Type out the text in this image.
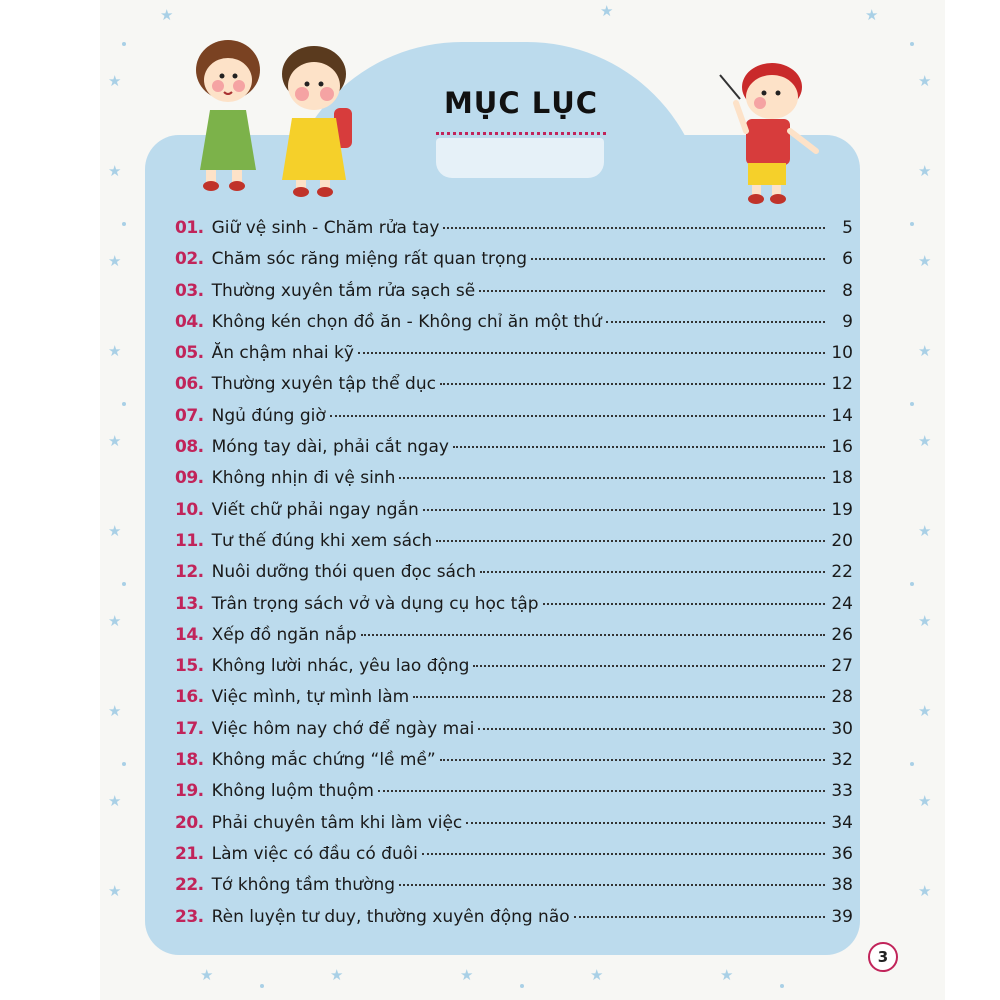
★
★
★
★
★
★
★
★
★
★
★
★
★
★
★
★
★
★
★
★
★	★	★
★	★	★	★	★
MỤC LỤC
01. Giữ vệ sinh - Chăm rửa tay	5
02. Chăm sóc răng miệng rất quan trọng	6
03. Thường xuyên tắm rửa sạch sẽ	8
04. Không kén chọn đồ ăn - Không chỉ ăn một thứ	9
05. Ăn chậm nhai kỹ	10
06. Thường xuyên tập thể dục	12
07. Ngủ đúng giờ	14
08. Móng tay dài, phải cắt ngay	16
09. Không nhịn đi vệ sinh	18
10. Viết chữ phải ngay ngắn	19
11. Tư thế đúng khi xem sách	20
12. Nuôi dưỡng thói quen đọc sách	22
13. Trân trọng sách vở và dụng cụ học tập	24
14. Xếp đồ ngăn nắp	26
15. Không lười nhác, yêu lao động	27
16. Việc mình, tự mình làm	28
17. Việc hôm nay chớ để ngày mai	30
18. Không mắc chứng “lề mề”	32
19. Không luộm thuộm	33
20. Phải chuyên tâm khi làm việc	34
21. Làm việc có đầu có đuôi	36
22. Tớ không tầm thường	38
23. Rèn luyện tư duy, thường xuyên động não	39
3
